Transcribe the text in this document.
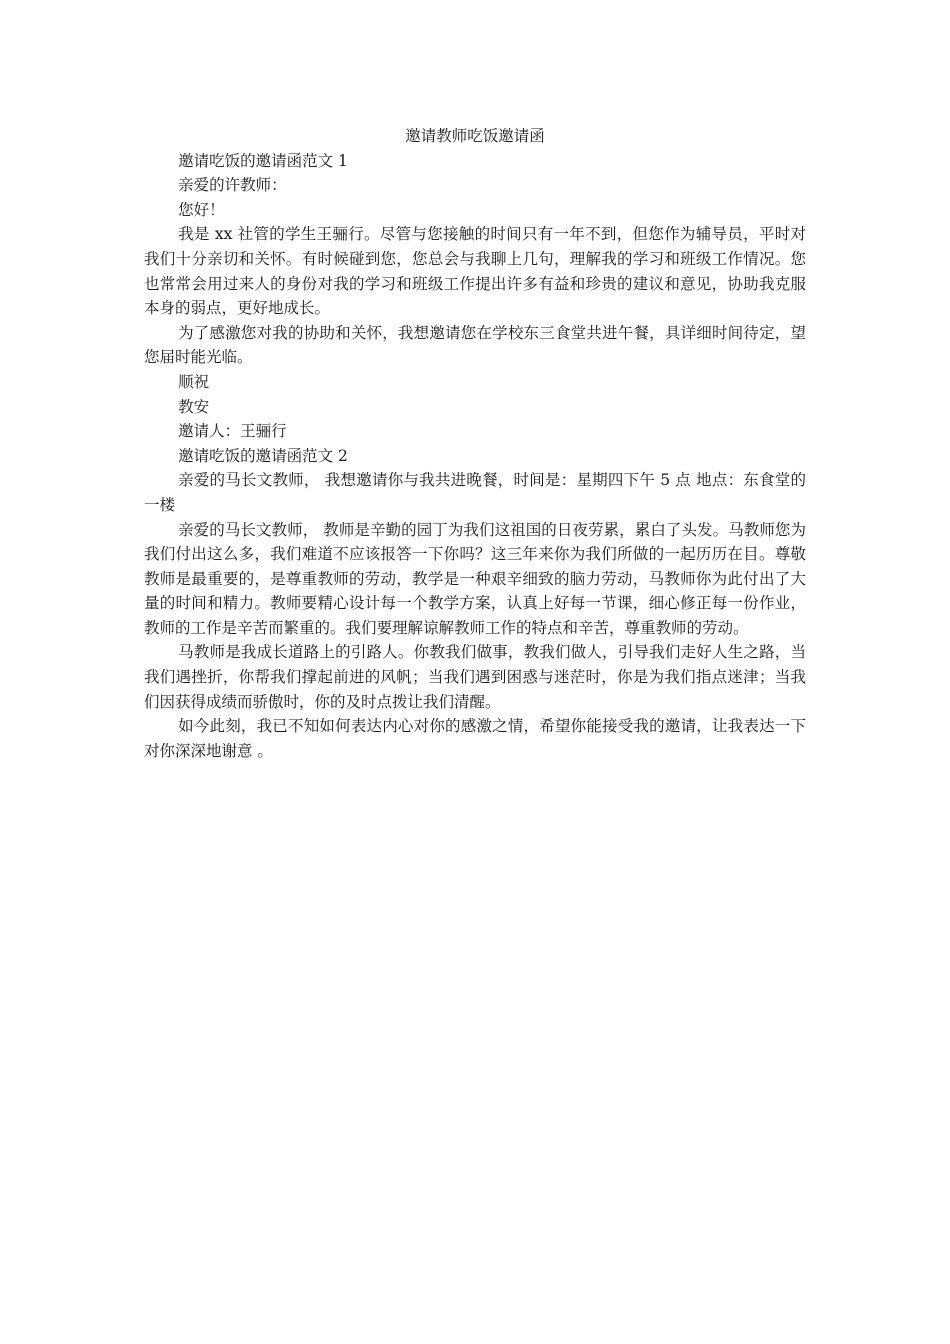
邀请教师吃饭邀请函

邀请吃饭的邀请函范文 1

亲爱的许教师：

您好！

我是 xx 社管的学生王骊行。尽管与您接触的时间只有一年不到，但您作为辅导员，平时对我们十分亲切和关怀。有时候碰到您，您总会与我聊上几句，理解我的学习和班级工作情况。您也常常会用过来人的身份对我的学习和班级工作提出许多有益和珍贵的建议和意见，协助我克服本身的弱点，更好地成长。

为了感激您对我的协助和关怀，我想邀请您在学校东三食堂共进午餐，具详细时间待定，望您届时能光临。

顺祝

教安

邀请人：王骊行

邀请吃饭的邀请函范文 2

亲爱的马长文教师， 我想邀请你与我共进晚餐，时间是：星期四下午 5 点 地点：东食堂的一楼

亲爱的马长文教师， 教师是辛勤的园丁为我们这祖国的日夜劳累，累白了头发。马教师您为我们付出这么多，我们难道不应该报答一下你吗？这三年来你为我们所做的一起历历在目。尊敬教师是最重要的，是尊重教师的劳动，教学是一种艰辛细致的脑力劳动，马教师你为此付出了大量的时间和精力。教师要精心设计每一个教学方案，认真上好每一节课，细心修正每一份作业，教师的工作是辛苦而繁重的。我们要理解谅解教师工作的特点和辛苦，尊重教师的劳动。

马教师是我成长道路上的引路人。你教我们做事，教我们做人，引导我们走好人生之路，当我们遇挫折，你帮我们撑起前进的风帆；当我们遇到困惑与迷茫时，你是为我们指点迷津；当我们因获得成绩而骄傲时，你的及时点拨让我们清醒。

如今此刻，我已不知如何表达内心对你的感激之情，希望你能接受我的邀请，让我表达一下对你深深地谢意 。
